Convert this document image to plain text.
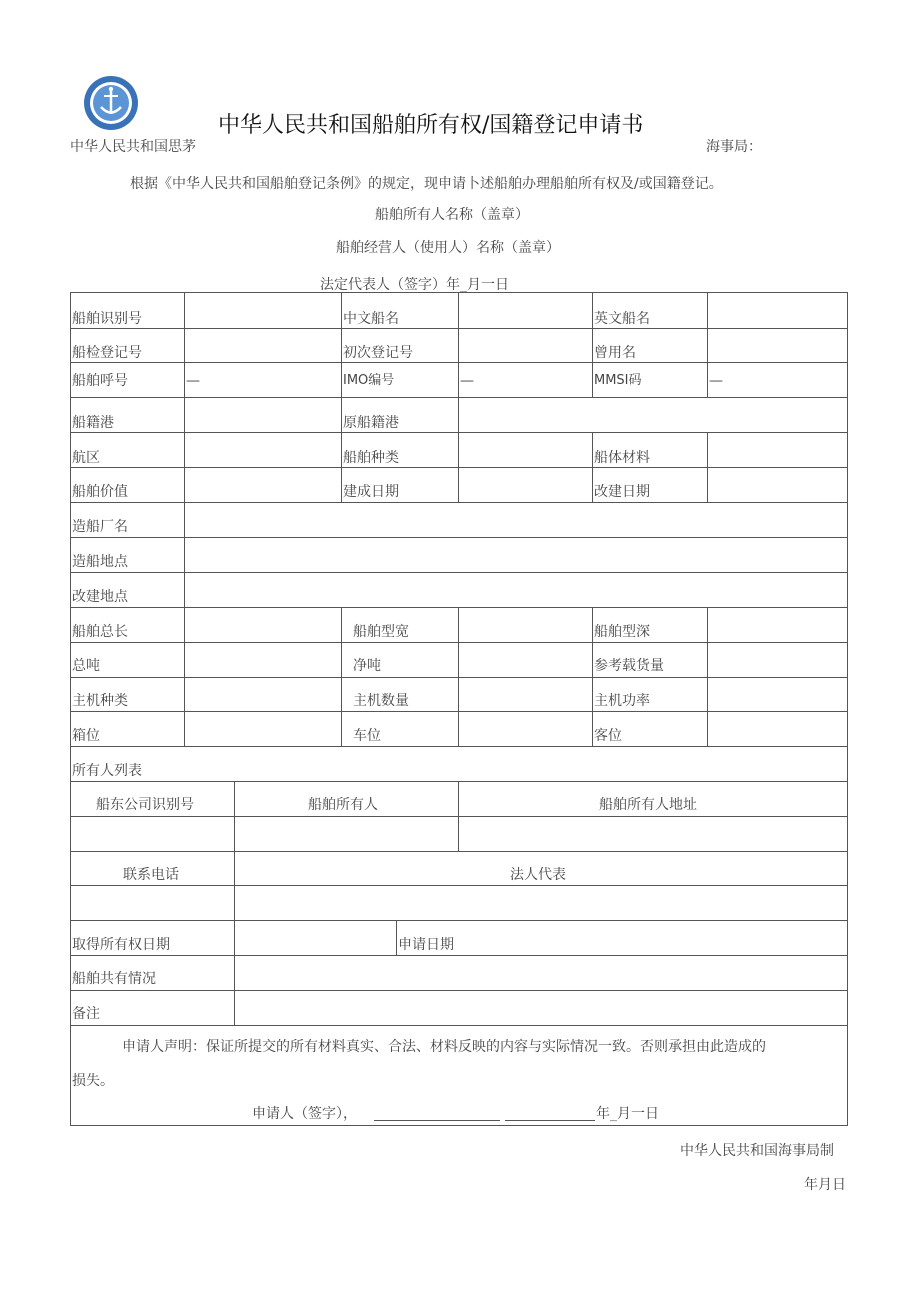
中华人民共和国船舶所有权/国籍登记申请书
中华人民共和国思茅	海事局：
根据《中华人民共和国船舶登记条例》的规定，现申请卜述船舶办理船舶所有权及/或国籍登记。
船舶所有人名称（盖章）
船舶经营人（使用人）名称（盖章）
法定代表人（签字）年_月一日
船舶识别号	中文船名	英文船名
船检登记号	初次登记号	曾用名
船舶呼号	—	IMO编号	—	MMSI码	—
船籍港	原船籍港
航区	船舶种类	船体材料
船舶价值	建成日期	改建日期
造船厂名
造船地点
改建地点
船舶总长	船舶型宽	船舶型深
总吨	净吨	参考载货量
主机种类	主机数量	主机功率
箱位	车位	客位
所有人列表
船东公司识别号	船舶所有人	船舶所有人地址
联系电话	法人代表
取得所有权日期	申请日期
船舶共有情况
备注
申请人声明：保证所提交的所有材料真实、合法、材料反映的内容与实际情况一致。否则承担由此造成的
损失。
申请人（签字），	年_月一日
中华人民共和国海事局制
年月日
